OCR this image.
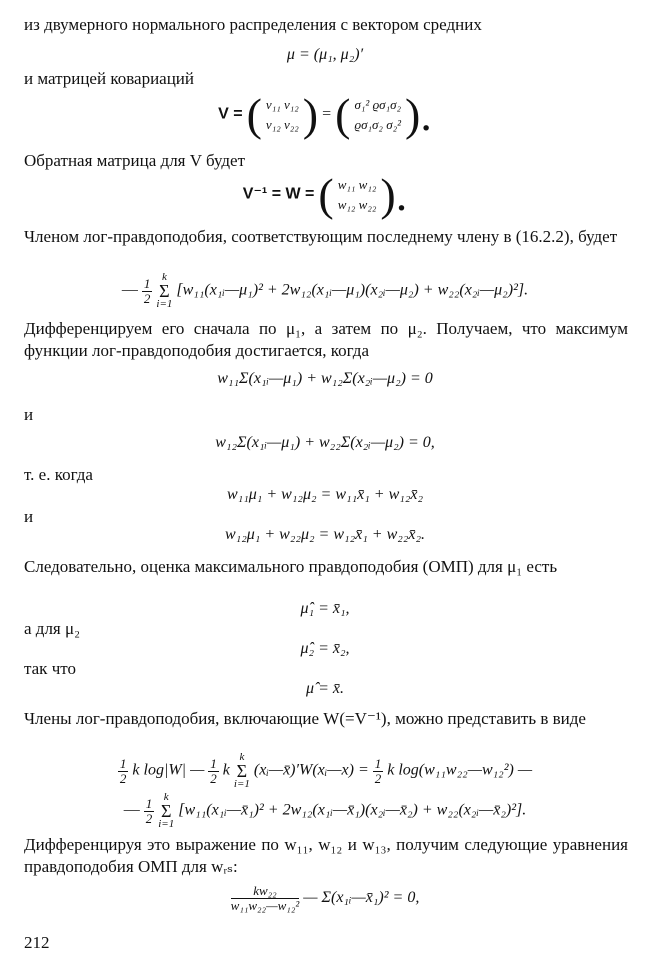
из двумерного нормального распределения с вектором средних
μ = (μ₁, μ₂)′
и матрицей ковариаций
V = ( v₁₁ v₁₂
v₁₂ v₂₂ ) = ( σ₁² ϱσ₁σ₂
ϱσ₁σ₂ σ₂² ).
Обратная матрица для V будет
V⁻¹ = W = ( w₁₁ w₁₂
w₁₂ w₂₂ ).
Членом лог-правдоподобия, соответствующим последнему члену в (16.2.2), будет
— $\frac{1}{2}$
k
Σ
i=1
[w₁₁(x₁ᵢ—μ₁)² + 2w₁₂(x₁ᵢ—μ₁)(x₂ᵢ—μ₂) + w₂₂(x₂ᵢ—μ₂)²].
Дифференцируем его сначала по μ₁, а затем по μ₂. Получаем, что максимум функции лог-правдоподобия достигается, когда
w₁₁Σ(x₁ᵢ—μ₁) + w₁₂Σ(x₂ᵢ—μ₂) = 0
и
w₁₂Σ(x₁ᵢ—μ₁) + w₂₂Σ(x₂ᵢ—μ₂) = 0,
т. е. когда
w₁₁μ₁ + w₁₂μ₂ = w₁₁x̄₁ + w₁₂x̄₂
и
w₁₂μ₁ + w₂₂μ₂ = w₁₂x̄₁ + w₂₂x̄₂.
Следовательно, оценка максимального правдоподобия (ОМП) для μ₁ есть
μ̂₁ = x̄₁,
а для μ₂
μ̂₂ = x̄₂,
так что
μ̂ = x̄.
Члены лог-правдоподобия, включающие W(=V⁻¹), можно представить в виде
$\frac{1}{2}$ k log|W| — $\frac{1}{2}$ k
k
Σ
i=1
(xᵢ—x̄)′W(xᵢ—x) = $\frac{1}{2}$ k log(w₁₁w₂₂—w₁₂²) —
— $\frac{1}{2}$
k
Σ
i=1
[w₁₁(x₁ᵢ—x̄₁)² + 2w₁₂(x₁ᵢ—x̄₁)(x₂ᵢ—x̄₂) + w₂₂(x₂ᵢ—x̄₂)²].
Дифференцируя это выражение по w₁₁, w₁₂ и w₁₃, получим следующие уравнения правдоподобия ОМП для wᵣₛ:
$\frac{\text{kw₂₂}}{\text{w₁₁w₂₂—w₁₂²}}$ — Σ(x₁ᵢ—x̄₁)² = 0,
212
